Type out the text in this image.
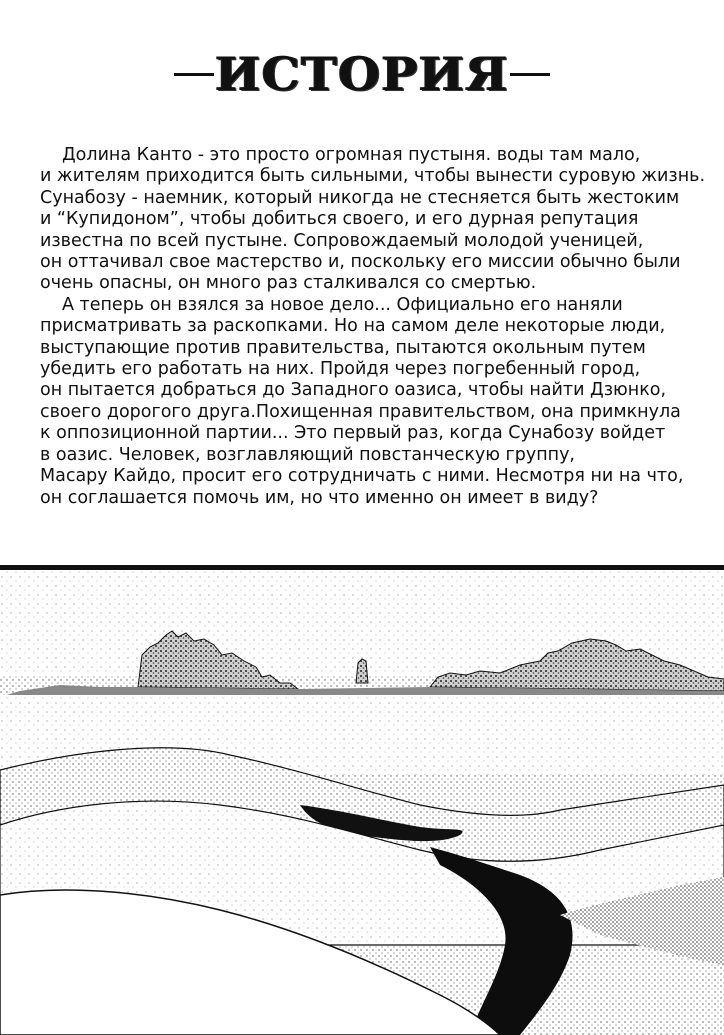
ИСТОРИЯ

Долина Канто - это просто огромная пустыня. воды там мало,
и жителям приходится быть сильными, чтобы вынести суровую жизнь.
Сунабозу - наемник, который никогда не стесняется быть жестоким
и “Купидоном”, чтобы добиться своего, и его дурная репутация
известна по всей пустыне. Сопровождаемый молодой ученицей,
он оттачивал свое мастерство и, поскольку его миссии обычно были
очень опасны, он много раз сталкивался со смертью.

А теперь он взялся за новое дело... Официально его наняли
присматривать за раскопками. Но на самом деле некоторые люди,
выступающие против правительства, пытаются окольным путем
убедить его работать на них. Пройдя через погребенный город,
он пытается добраться до Западного оазиса, чтобы найти Дзюнко,
своего дорогого друга.Похищенная правительством, она примкнула
к оппозиционной партии... Это первый раз, когда Сунабозу войдет
в оазис. Человек, возглавляющий повстанческую группу,
Масару Кайдо, просит его сотрудничать с ними. Несмотря ни на что,
он соглашается помочь им, но что именно он имеет в виду?
